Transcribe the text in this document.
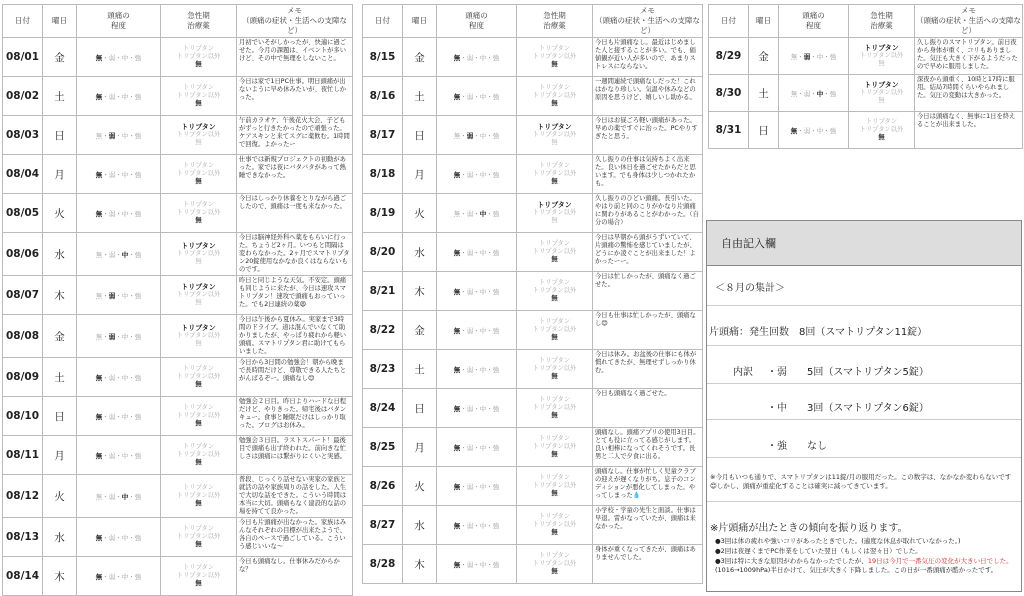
日付	曜日	頭痛の
程度	急性期
治療薬	メモ
（頭痛の症状・生活への支障など）
08/01	金	無・弱・中・強	トリプタン
トリプタン以外
無	月初でいそがしかったが、快適に過ごせた。今月の課題は、イベントが多いけど、その中で無理をしないこと。
08/02	土	無・弱・中・強	トリプタン
トリプタン以外
無	今日は家で1日PC仕事。明日頭痛が出ないように早め休みたいが、夜忙しかった。
08/03	日	無・弱・中・強	トリプタン
トリプタン以外
無	午前カラオケ、午後花火大会、子どもがずっと行きたかったので頑張った。ケアスキンと来てスグに薬飲む。1時間で回復。よかったー
08/04	月	無・弱・中・強	トリプタン
トリプタン以外
無	仕事では新規プロジェクトの初動があった。家では夜にバタバタがあって熱睡できなかった。
08/05	火	無・弱・中・強	トリプタン
トリプタン以外
無	今日はしっかり休養をとりながら過ごしたので、頭痛は一度も来なかった。
08/06	水	無・弱・中・強	トリプタン
トリプタン以外
無	今日は脳神経外科へ薬をもらいに行った。ちょうど2ヶ月。いつもと間隔は変わらなかった。2ヶ月でスマトリプタン20錠使用なかなか良くはならないものです。
08/07	木	無・弱・中・強	トリプタン
トリプタン以外
無	昨日と同じような天気。不安定。頭痛も同じように来たが、今日は速攻スマトリプタン！速攻で頭痛もおっていった。でも2日連続の薬😩
08/08	金	無・弱・中・強	トリプタン
トリプタン以外
無	今日は午後から夏休み。実家まで3時間のドライブ。道は混んでいなくて助かりましたが、やっぱり疲れから軽い頭痛。スマトリプタン君に助けてもらいました。
08/09	土	無・弱・中・強	トリプタン
トリプタン以外
無	今日から3日間の勉強会！朝から晩まで長時間だけど、尊敬できる人たちとがんばるぞー。頭痛なし😊
08/10	日	無・弱・中・強	トリプタン
トリプタン以外
無	勉強会２日目。昨日よりハードな日程だけど、やりきった。帰宅後はバタンキュー。食事と睡眠だけはしっかり取った。ブログはお休み。
08/11	月	無・弱・中・強	トリプタン
トリプタン以外
無	勉強会３日目。ラストスパート！最後目で頭痛も出ず終われた。前向きな忙しさは頭痛には繋がりにくいと実感。
08/12	火	無・弱・中・強	トリプタン
トリプタン以外
無	普段、じっくり話せない実家の家族と就活の話や家族周りの話をした。人生で大切な話をできた。こういう時間は本当に大切。頭痛もなく建設的な話の場を持てて良かった。
08/13	水	無・弱・中・強	トリプタン
トリプタン以外
無	今日も片頭痛が出なかった。家族はみんなそれぞれの目標が出来たようで、各自のペースで過ごしている。こういう感じいいな〜
08/14	木	無・弱・中・強	トリプタン
トリプタン以外
無	今日も頭痛なし。仕事休みだからかな？
日付	曜日	頭痛の
程度	急性期
治療薬	メモ
（頭痛の症状・生活への支障など）
8/15	金	無・弱・中・強	トリプタン
トリプタン以外
無	今日も片頭痛なし。最近はじめました人と接することが多い。でも、価値観が近い人が多いので、あまりストレスにならない。
8/16	土	無・弱・中・強	トリプタン
トリプタン以外
無	一週間連続で頭痛なしだった！これはかなり珍しい。気温や休みなどの原因を思うけど、嬉しいし助かる。
8/17	日	無・弱・中・強	トリプタン
トリプタン以外
無	今日はお昼ごろ軽い頭痛があった。早めの薬ですぐに治った。PCやりすぎたと思う。
8/18	月	無・弱・中・強	トリプタン
トリプタン以外
無	久し振りの仕事は気持ちよく出来た。良い休日を過ごせたからだと思います。でも身体は少しつかれたかも。
8/19	火	無・弱・中・強	トリプタン
トリプタン以外
無	久し振りのひどい頭痛。長引いた。やはり前と同のこりがかなり片頭痛に関わりがあることがわかった。（自分の場合）
8/20	水	無・弱・中・強	トリプタン
トリプタン以外
無	今日は早朝から頭がうずいていて、片頭痛の驚怖を感じていましたが、どうにか凌ぐことが出来ました！よかったーー。
8/21	木	無・弱・中・強	トリプタン
トリプタン以外
無	今日は忙しかったが、頭痛なく過ごせた。
8/22	金	無・弱・中・強	トリプタン
トリプタン以外
無	今日も仕事は忙しかったが、頭痛なし😊
8/23	土	無・弱・中・強	トリプタン
トリプタン以外
無	今日は休み。お盆後の仕事にも体が慣れてきたが、無理せずしっかり休む。
8/24	日	無・弱・中・強	トリプタン
トリプタン以外
無	今日も頭痛なく過ごせた。
8/25	月	無・弱・中・強	トリプタン
トリプタン以外
無	頭痛なし。頭痛アプリの使用3日目。とても役に立ってる感じがします。良い相棒になってくれそうです。長男と二人で夕食に出る。
8/26	火	無・弱・中・強	トリプタン
トリプタン以外
無	頭痛なし。仕事が忙しく児童クラブの迎えが遅くなりがち。息子のコンディションが悪化してしまった。やってしまった💧
8/27	水	無・弱・中・強	トリプタン
トリプタン以外
無	小学校・学童の先生と面談。仕事は早退。雷がなっていたが、頭痛は来なかった。
8/28	木	無・弱・中・強	トリプタン
トリプタン以外
無	身体が重くなってきたが、頭痛はありませんでした。
日付	曜日	頭痛の
程度	急性期
治療薬	メモ
（頭痛の症状・生活への支障など）
8/29	金	無・弱・中・強	トリプタン
トリプタン以外
無	久し振りのスマトリプタン。前日夜から身体が重く、コリもありました。気圧も大きく下がるようだったので早めに服用しました。
8/30	土	無・弱・中・強	トリプタン
トリプタン以外
無	深夜から頭重く、10時と17時に服用。結局7時間くらいやられました。気圧の変動は大きかった。
8/31	日	無・弱・中・強	トリプタン
トリプタン以外
無	今日は頭痛なく、無事に1日を終えることが出来ました。
自由記入欄
＜８月の集計＞
片頭痛：発生回数　8回（スマトリプタン11錠）
内訳 ・弱　　5回（スマトリプタン5錠）
・中　　3回（スマトリプタン6錠）
・強　　なし
※今月もいつも通りで、スマトリプタンは11錠/月の服用だった。この数字は、なかなか変わらないです😊しかし、頭痛が重症化することは確実に減ってきています。
※片頭痛が出たときの傾向を振り返ります。
●3回は体の疲れや強いコリがあったときでした。(適度な休息が取れていなかった。)
●2回は夜遅くまでPC作業をしていた翌日（もしくは翌々日）でした。
●3回は特に大きな原因がわからなかったでしたが、19日は今月で一番気圧の変化が大きい日でした。(1016→1009hPa)半日かけて、気圧が大きく下降しました。この日が一番頭痛が酷かったです。
